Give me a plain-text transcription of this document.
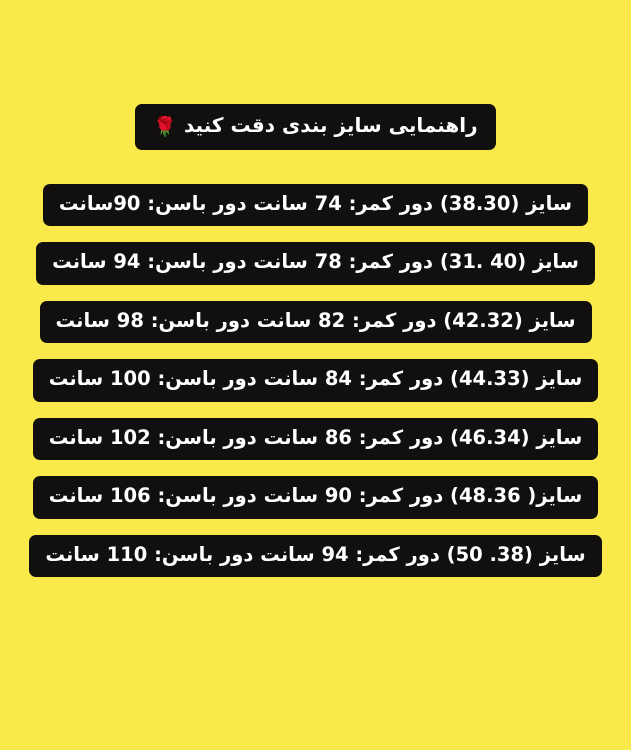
راهنمایی سایز بندی دقت کنید 🌹
سایز (38.30) دور کمر: 74 سانت دور باسن: 90سانت
سایز (40 .31) دور کمر: 78 سانت دور باسن: 94 سانت
سایز (42.32) دور کمر: 82 سانت دور باسن: 98 سانت
سایز (44.33) دور کمر: 84 سانت دور باسن: 100 سانت
سایز (46.34) دور کمر: 86 سانت دور باسن: 102 سانت
سایز( 48.36) دور کمر: 90 سانت دور باسن: 106 سانت
سایز (38. 50) دور کمر: 94 سانت دور باسن: 110 سانت
